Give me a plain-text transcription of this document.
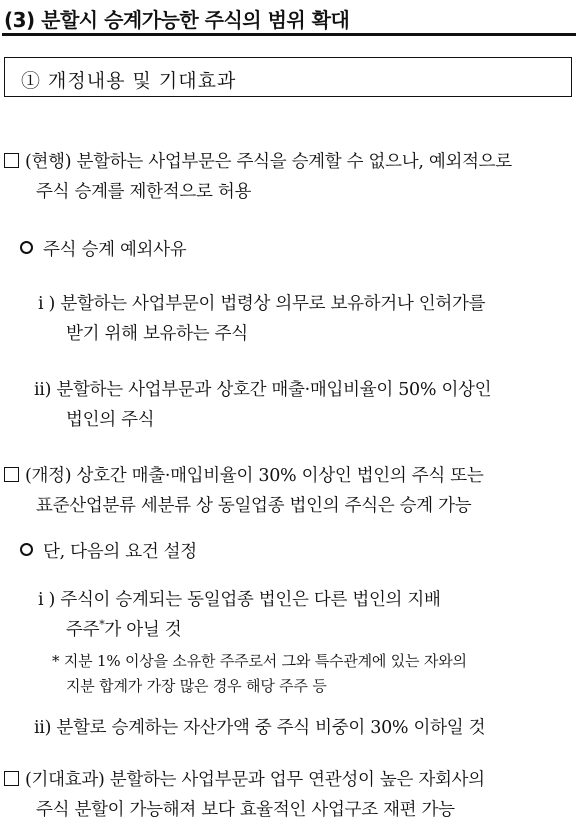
(3) 분할시 승계가능한 주식의 범위 확대
① 개정내용 및 기대효과
(현행) 분할하는 사업부문은 주식을 승계할 수 없으나, 예외적으로
주식 승계를 제한적으로 허용
주식 승계 예외사유
i ) 분할하는 사업부문이 법령상 의무로 보유하거나 인허가를
받기 위해 보유하는 주식
ii) 분할하는 사업부문과 상호간 매출·매입비율이 50% 이상인
법인의 주식
(개정) 상호간 매출·매입비율이 30% 이상인 법인의 주식 또는
표준산업분류 세분류 상 동일업종 법인의 주식은 승계 가능
단, 다음의 요건 설정
i ) 주식이 승계되는 동일업종 법인은 다른 법인의 지배
주주*가 아닐 것
* 지분 1% 이상을 소유한 주주로서 그와 특수관계에 있는 자와의
지분 합계가 가장 많은 경우 해당 주주 등
ii) 분할로 승계하는 자산가액 중 주식 비중이 30% 이하일 것
(기대효과) 분할하는 사업부문과 업무 연관성이 높은 자회사의
주식 분할이 가능해져 보다 효율적인 사업구조 재편 가능
